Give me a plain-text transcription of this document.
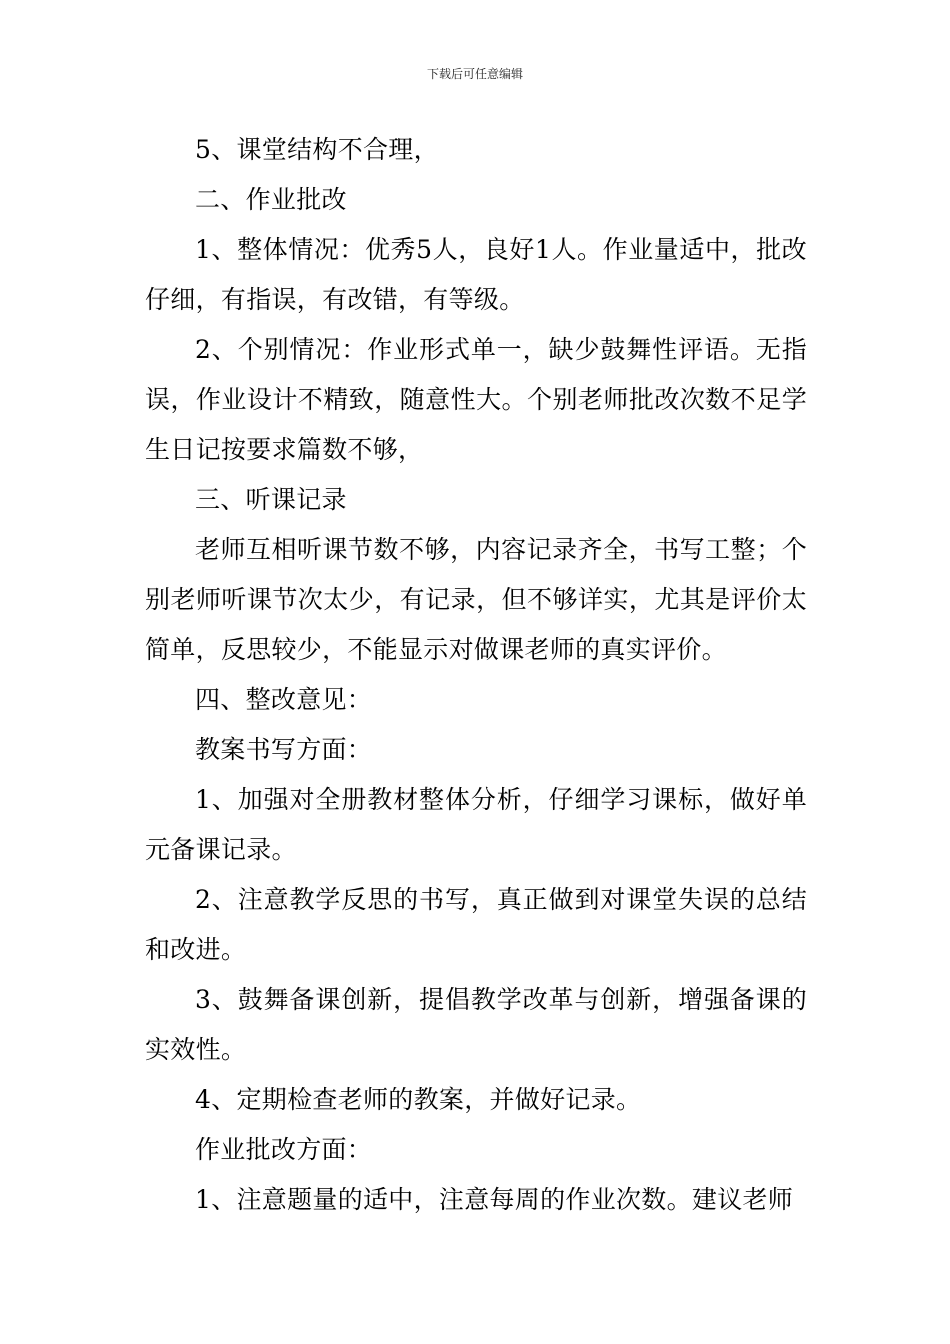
下载后可任意编辑

5、课堂结构不合理，

二、作业批改

1、整体情况：优秀5人，良好1人。作业量适中，批改仔细，有指误，有改错，有等级。

2、个别情况：作业形式单一，缺少鼓舞性评语。无指误，作业设计不精致，随意性大。个别老师批改次数不足学生日记按要求篇数不够，

三、听课记录

老师互相听课节数不够，内容记录齐全，书写工整；个别老师听课节次太少，有记录，但不够详实，尤其是评价太简单，反思较少，不能显示对做课老师的真实评价。

四、整改意见：

教案书写方面：

1、加强对全册教材整体分析，仔细学习课标，做好单元备课记录。

2、注意教学反思的书写，真正做到对课堂失误的总结和改进。

3、鼓舞备课创新，提倡教学改革与创新，增强备课的实效性。

4、定期检查老师的教案，并做好记录。

作业批改方面：

1、注意题量的适中，注意每周的作业次数。建议老师
